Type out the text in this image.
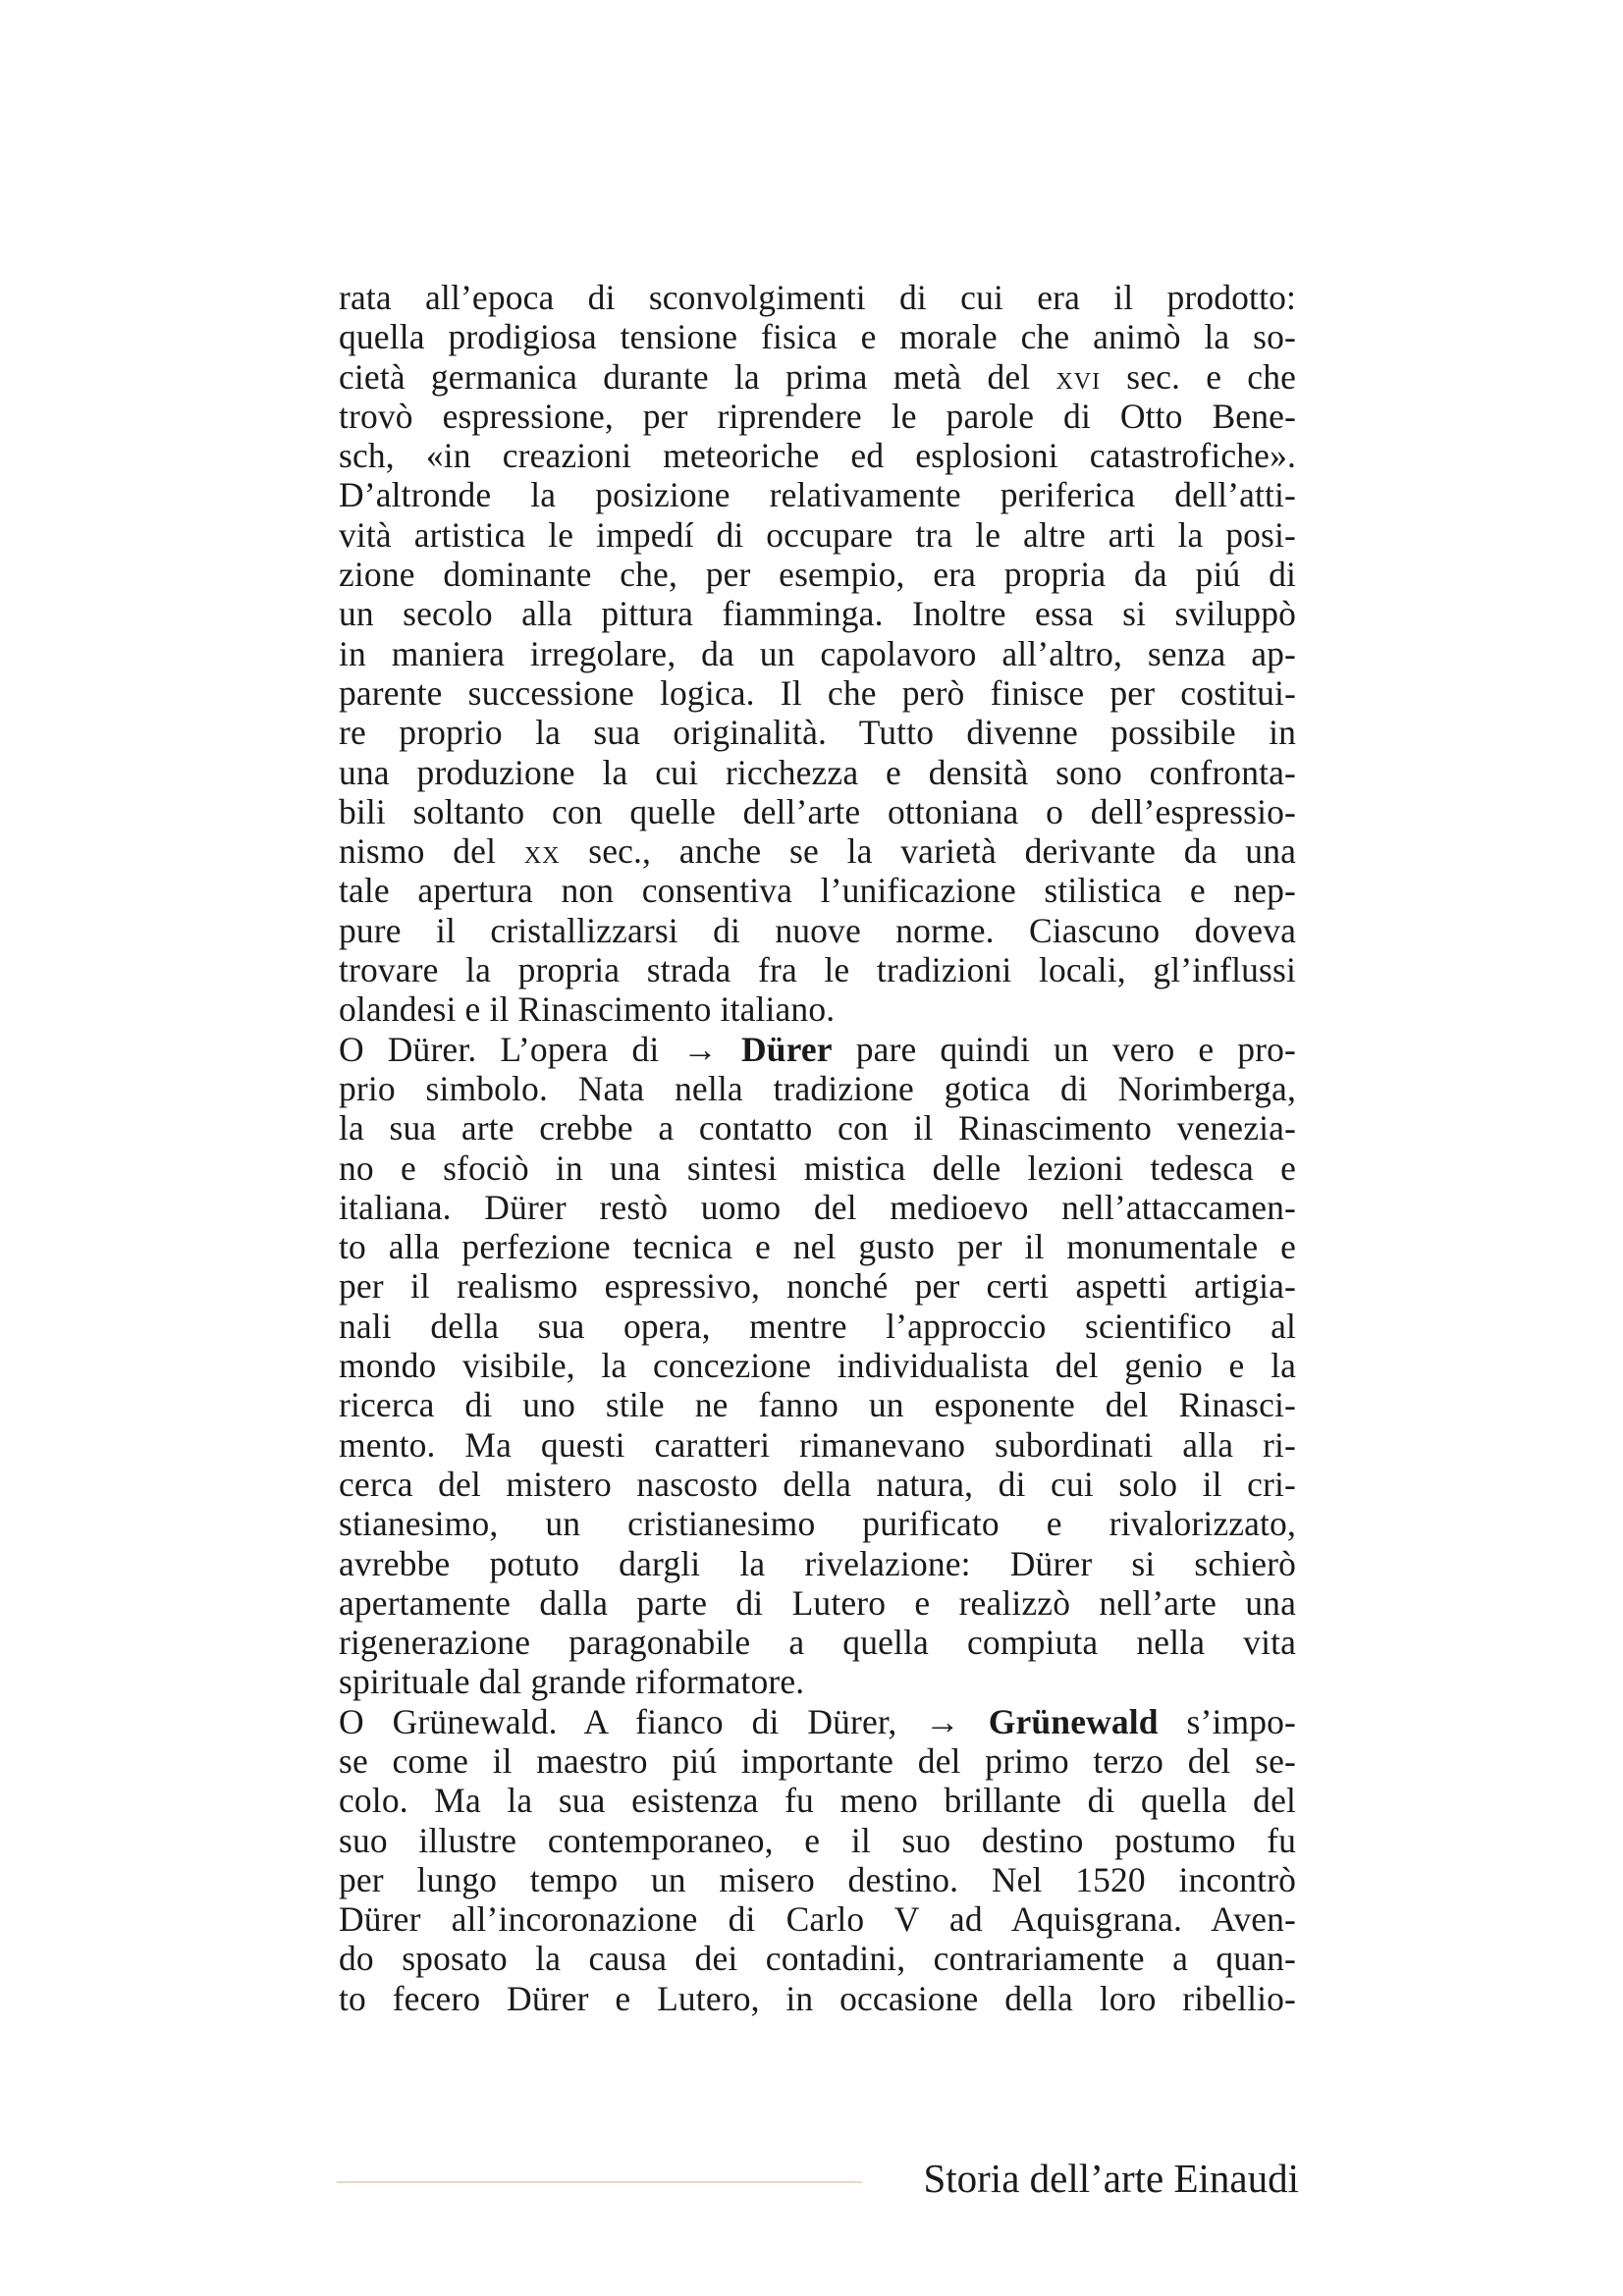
rata all’epoca di sconvolgimenti di cui era il prodotto:
quella prodigiosa tensione fisica e morale che animò la so-
cietà germanica durante la prima metà del xvi sec. e che
trovò espressione, per riprendere le parole di Otto Bene-
sch, «in creazioni meteoriche ed esplosioni catastrofiche».
D’altronde la posizione relativamente periferica dell’atti-
vità artistica le impedí di occupare tra le altre arti la posi-
zione dominante che, per esempio, era propria da piú di
un secolo alla pittura fiamminga. Inoltre essa si sviluppò
in maniera irregolare, da un capolavoro all’altro, senza ap-
parente successione logica. Il che però finisce per costitui-
re proprio la sua originalità. Tutto divenne possibile in
una produzione la cui ricchezza e densità sono confronta-
bili soltanto con quelle dell’arte ottoniana o dell’espressio-
nismo del xx sec., anche se la varietà derivante da una
tale apertura non consentiva l’unificazione stilistica e nep-
pure il cristallizzarsi di nuove norme. Ciascuno doveva
trovare la propria strada fra le tradizioni locali, gl’influssi
olandesi e il Rinascimento italiano.
O Dürer. L’opera di → Dürer pare quindi un vero e pro-
prio simbolo. Nata nella tradizione gotica di Norimberga,
la sua arte crebbe a contatto con il Rinascimento venezia-
no e sfociò in una sintesi mistica delle lezioni tedesca e
italiana. Dürer restò uomo del medioevo nell’attaccamen-
to alla perfezione tecnica e nel gusto per il monumentale e
per il realismo espressivo, nonché per certi aspetti artigia-
nali della sua opera, mentre l’approccio scientifico al
mondo visibile, la concezione individualista del genio e la
ricerca di uno stile ne fanno un esponente del Rinasci-
mento. Ma questi caratteri rimanevano subordinati alla ri-
cerca del mistero nascosto della natura, di cui solo il cri-
stianesimo, un cristianesimo purificato e rivalorizzato,
avrebbe potuto dargli la rivelazione: Dürer si schierò
apertamente dalla parte di Lutero e realizzò nell’arte una
rigenerazione paragonabile a quella compiuta nella vita
spirituale dal grande riformatore.
O Grünewald. A fianco di Dürer, → Grünewald s’impo-
se come il maestro piú importante del primo terzo del se-
colo. Ma la sua esistenza fu meno brillante di quella del
suo illustre contemporaneo, e il suo destino postumo fu
per lungo tempo un misero destino. Nel 1520 incontrò
Dürer all’incoronazione di Carlo V ad Aquisgrana. Aven-
do sposato la causa dei contadini, contrariamente a quan-
to fecero Dürer e Lutero, in occasione della loro ribellio-
Storia dell’arte Einaudi
